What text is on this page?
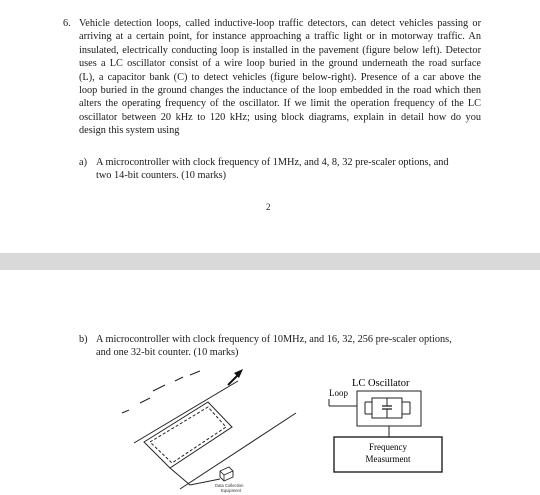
6. Vehicle detection loops, called inductive-loop traffic detectors, can detect vehicles passing or
arriving at a certain point, for instance approaching a traffic light or in motorway traffic. An
insulated, electrically conducting loop is installed in the pavement (figure below left). Detector
uses a LC oscillator consist of a wire loop buried in the ground underneath the road surface
(L), a capacitor bank (C) to detect vehicles (figure below-right). Presence of a car above the
loop buried in the ground changes the inductance of the loop embedded in the road which then
alters the operating frequency of the oscillator. If we limit the operation frequency of the LC
oscillator between 20 kHz to 120 kHz; using block diagrams, explain in detail how do you
design this system using
a) A microcontroller with clock frequency of 1MHz, and 4, 8, 32 pre-scaler options, and
two 14-bit counters. (10 marks)
2
b) A microcontroller with clock frequency of 10MHz, and 16, 32, 256 pre-scaler options,
and one 32-bit counter. (10 marks)
Data Collection
Equipment
LC Oscillator
Loop
Frequency
Measurment
